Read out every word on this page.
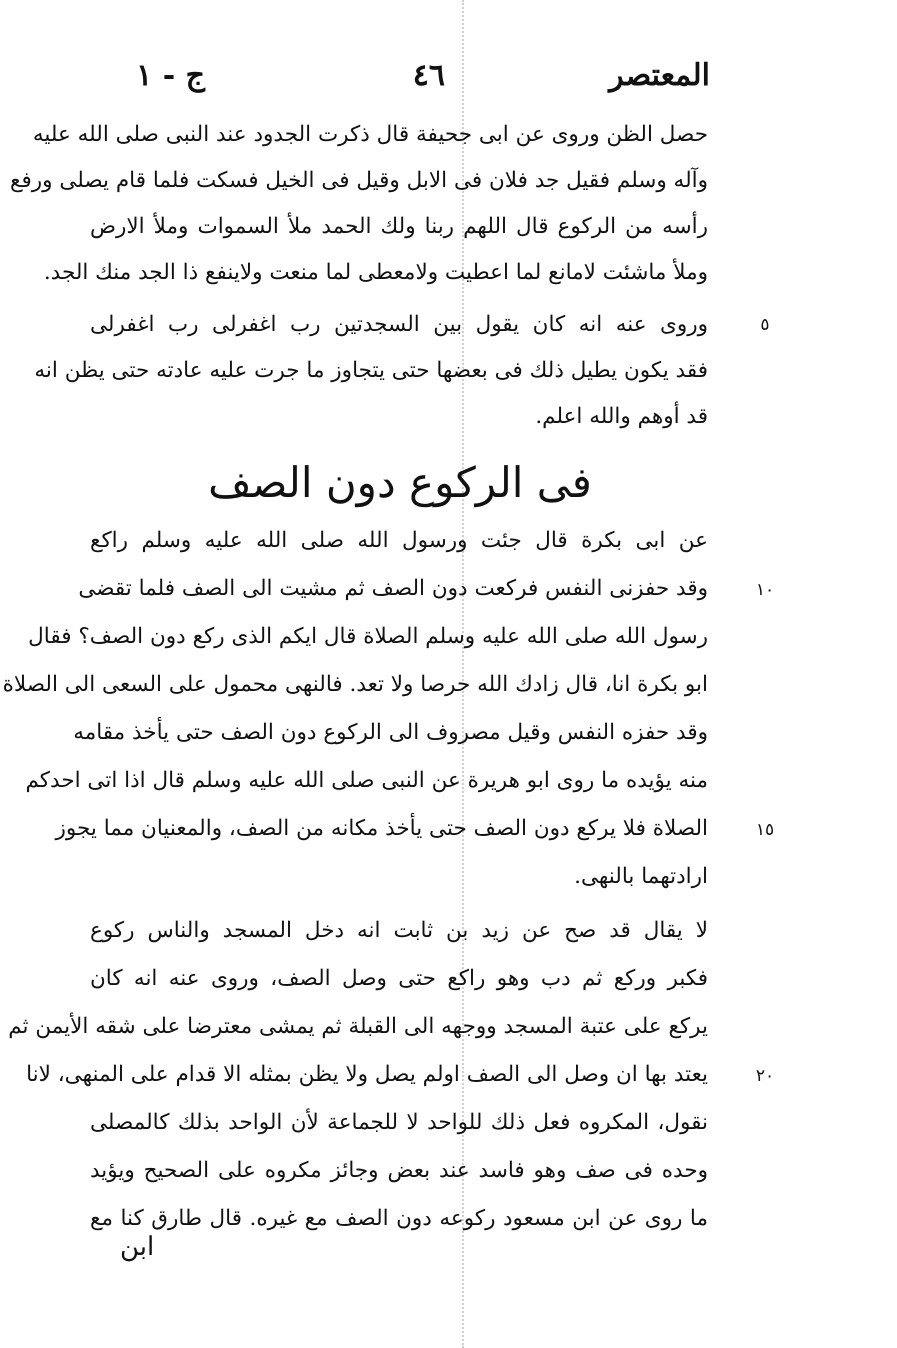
المعتصر
٤٦
ج - ١
حصل الظن وروى عن ابى جحيفة قال ذكرت الجدود عند النبى صلى الله عليه
وآله وسلم فقيل جد فلان فى الابل وقيل فى الخيل فسكت فلما قام يصلى ورفع
رأسه من الركوع قال اللهم ربنا ولك الحمد ملأ السموات وملأ الارض
وملأ ماشئت لامانع لما اعطيت ولامعطى لما منعت ولاينفع ذا الجد منك الجد.
وروى عنه انه كان يقول بين السجدتين رب اغفرلى رب اغفرلى	٥
فقد يكون يطيل ذلك فى بعضها حتى يتجاوز ما جرت عليه عادته حتى يظن انه
قد أوهم والله اعلم.
فى الركوع دون الصف
عن ابى بكرة قال جئت ورسول الله صلى الله عليه وسلم راكع
وقد حفزنى النفس فركعت دون الصف ثم مشيت الى الصف فلما تقضى	١٠
رسول الله صلى الله عليه وسلم الصلاة قال ايكم الذى ركع دون الصف؟ فقال
ابو بكرة انا، قال زادك الله حرصا ولا تعد. فالنهى محمول على السعى الى الصلاة
وقد حفزه النفس وقيل مصروف الى الركوع دون الصف حتى يأخذ مقامه
منه يؤيده ما روى ابو هريرة عن النبى صلى الله عليه وسلم قال اذا اتى احدكم
الصلاة فلا يركع دون الصف حتى يأخذ مكانه من الصف، والمعنيان مما يجوز	١٥
ارادتهما بالنهى.
لا يقال قد صح عن زيد بن ثابت انه دخل المسجد والناس ركوع
فكبر وركع ثم دب وهو راكع حتى وصل الصف، وروى عنه انه كان
يركع على عتبة المسجد ووجهه الى القبلة ثم يمشى معترضا على شقه الأيمن ثم
يعتد بها ان وصل الى الصف اولم يصل ولا يظن بمثله الا قدام على المنهى، لانا	٢٠
نقول، المكروه فعل ذلك للواحد لا للجماعة لأن الواحد بذلك كالمصلى
وحده فى صف وهو فاسد عند بعض وجائز مكروه على الصحيح ويؤيد
ما روى عن ابن مسعود ركوعه دون الصف مع غيره. قال طارق كنا مع
ابن
